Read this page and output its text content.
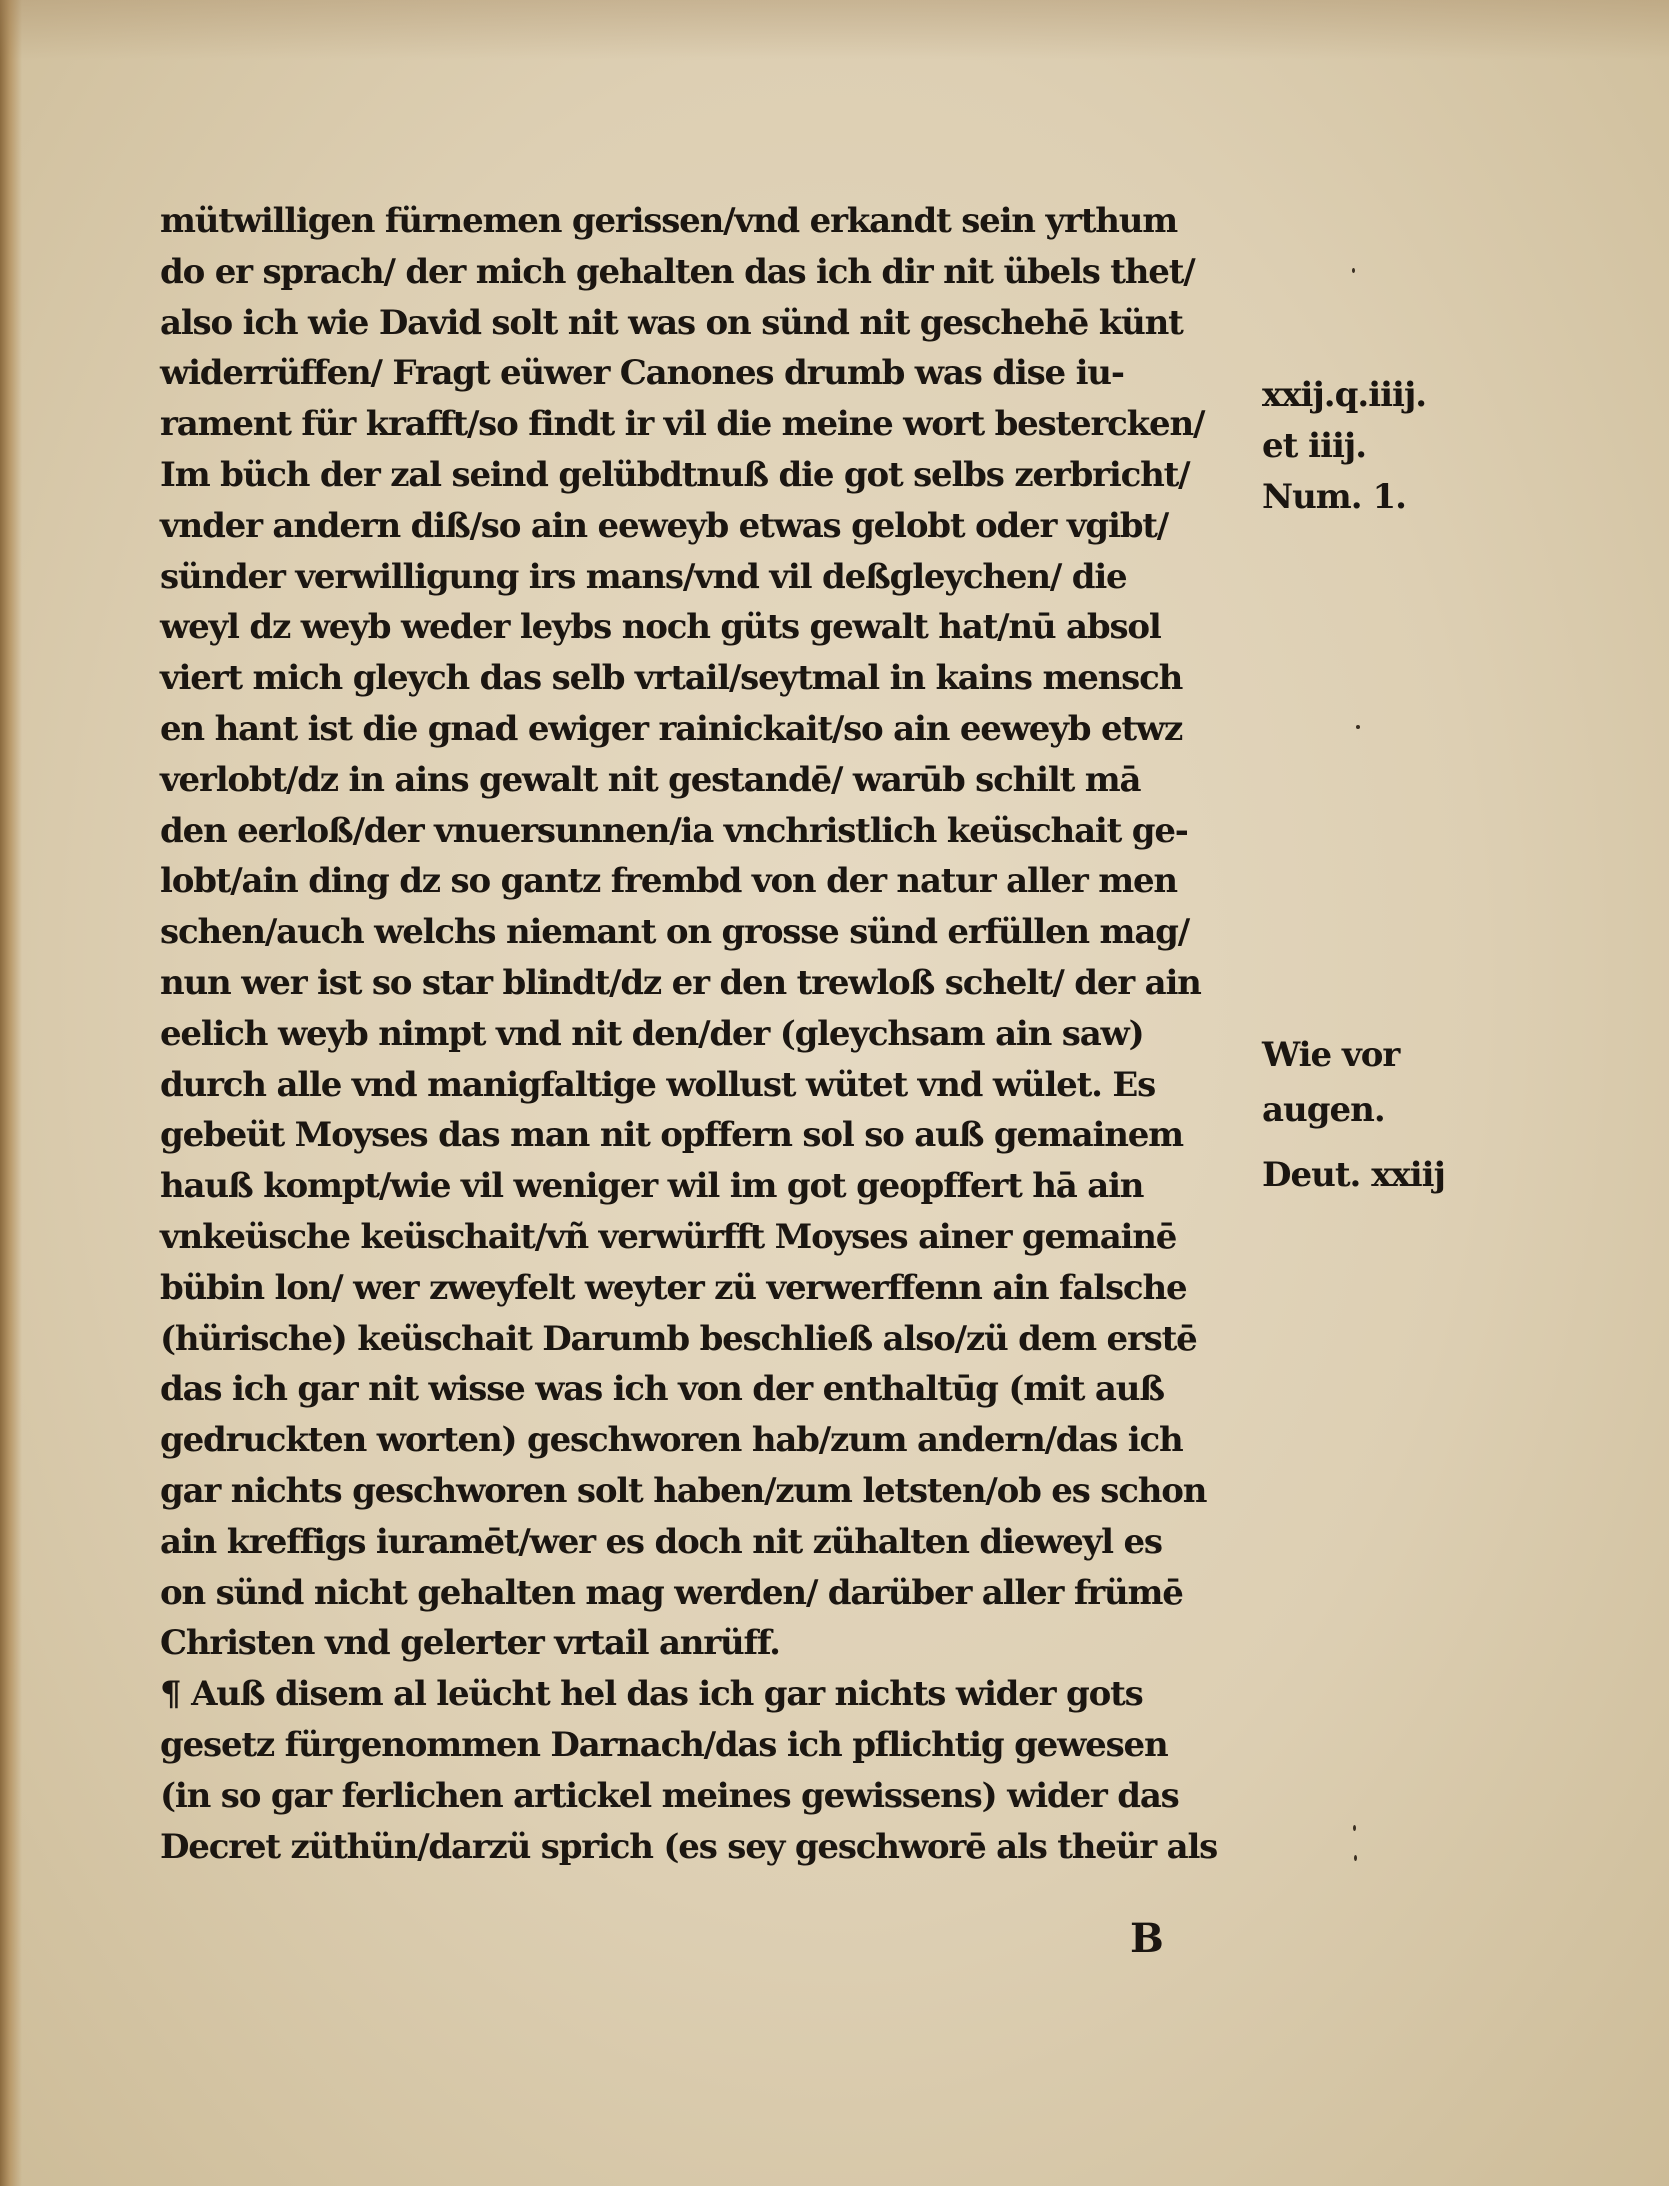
mütwilligen fürnemen gerissen/vnd erkandt sein yrthum
do er sprach/ der mich gehalten das ich dir nit übels thet/
also ich wie David solt nit was on sünd nit geschehē künt
widerrüffen/ Fragt eüwer Canones drumb was dise iu-
rament für krafft/so findt ir vil die meine wort bestercken/
Im büch der zal seind gelübdtnuß die got selbs zerbricht/
vnder andern diß/so ain eeweyb etwas gelobt oder vgibt/
sünder verwilligung irs mans/vnd vil deßgleychen/ die
weyl dz weyb weder leybs noch güts gewalt hat/nū absol
viert mich gleych das selb vrtail/seytmal in kains mensch
en hant ist die gnad ewiger rainickait/so ain eeweyb etwz
verlobt/dz in ains gewalt nit gestandē/ warūb schilt mā
den eerloß/der vnuersunnen/ia vnchristlich keüschait ge-
lobt/ain ding dz so gantz frembd von der natur aller men
schen/auch welchs niemant on grosse sünd erfüllen mag/
nun wer ist so star blindt/dz er den trewloß schelt/ der ain
eelich weyb nimpt vnd nit den/der (gleychsam ain saw)
durch alle vnd manigfaltige wollust wütet vnd wület. Es
gebeüt Moyses das man nit opffern sol so auß gemainem
hauß kompt/wie vil weniger wil im got geopffert hā ain
vnkeüsche keüschait/vñ verwürfft Moyses ainer gemainē
bübin lon/ wer zweyfelt weyter zü verwerffenn ain falsche
(hürische) keüschait Darumb beschließ also/zü dem erstē
das ich gar nit wisse was ich von der enthaltūg (mit auß
gedruckten worten) geschworen hab/zum andern/das ich
gar nichts geschworen solt haben/zum letsten/ob es schon
ain kreffigs iuramēt/wer es doch nit zühalten dieweyl es
on sünd nicht gehalten mag werden/ darüber aller frümē
Christen vnd gelerter vrtail anrüff.
¶ Auß disem al leücht hel das ich gar nichts wider gots
gesetz fürgenommen Darnach/das ich pflichtig gewesen
(in so gar ferlichen artickel meines gewissens) wider das
Decret züthün/darzü sprich (es sey geschworē als theür als
xxij.q.iiij.
et iiij.
Num. 1.
Wie vor
augen.
Deut. xxiij
B
